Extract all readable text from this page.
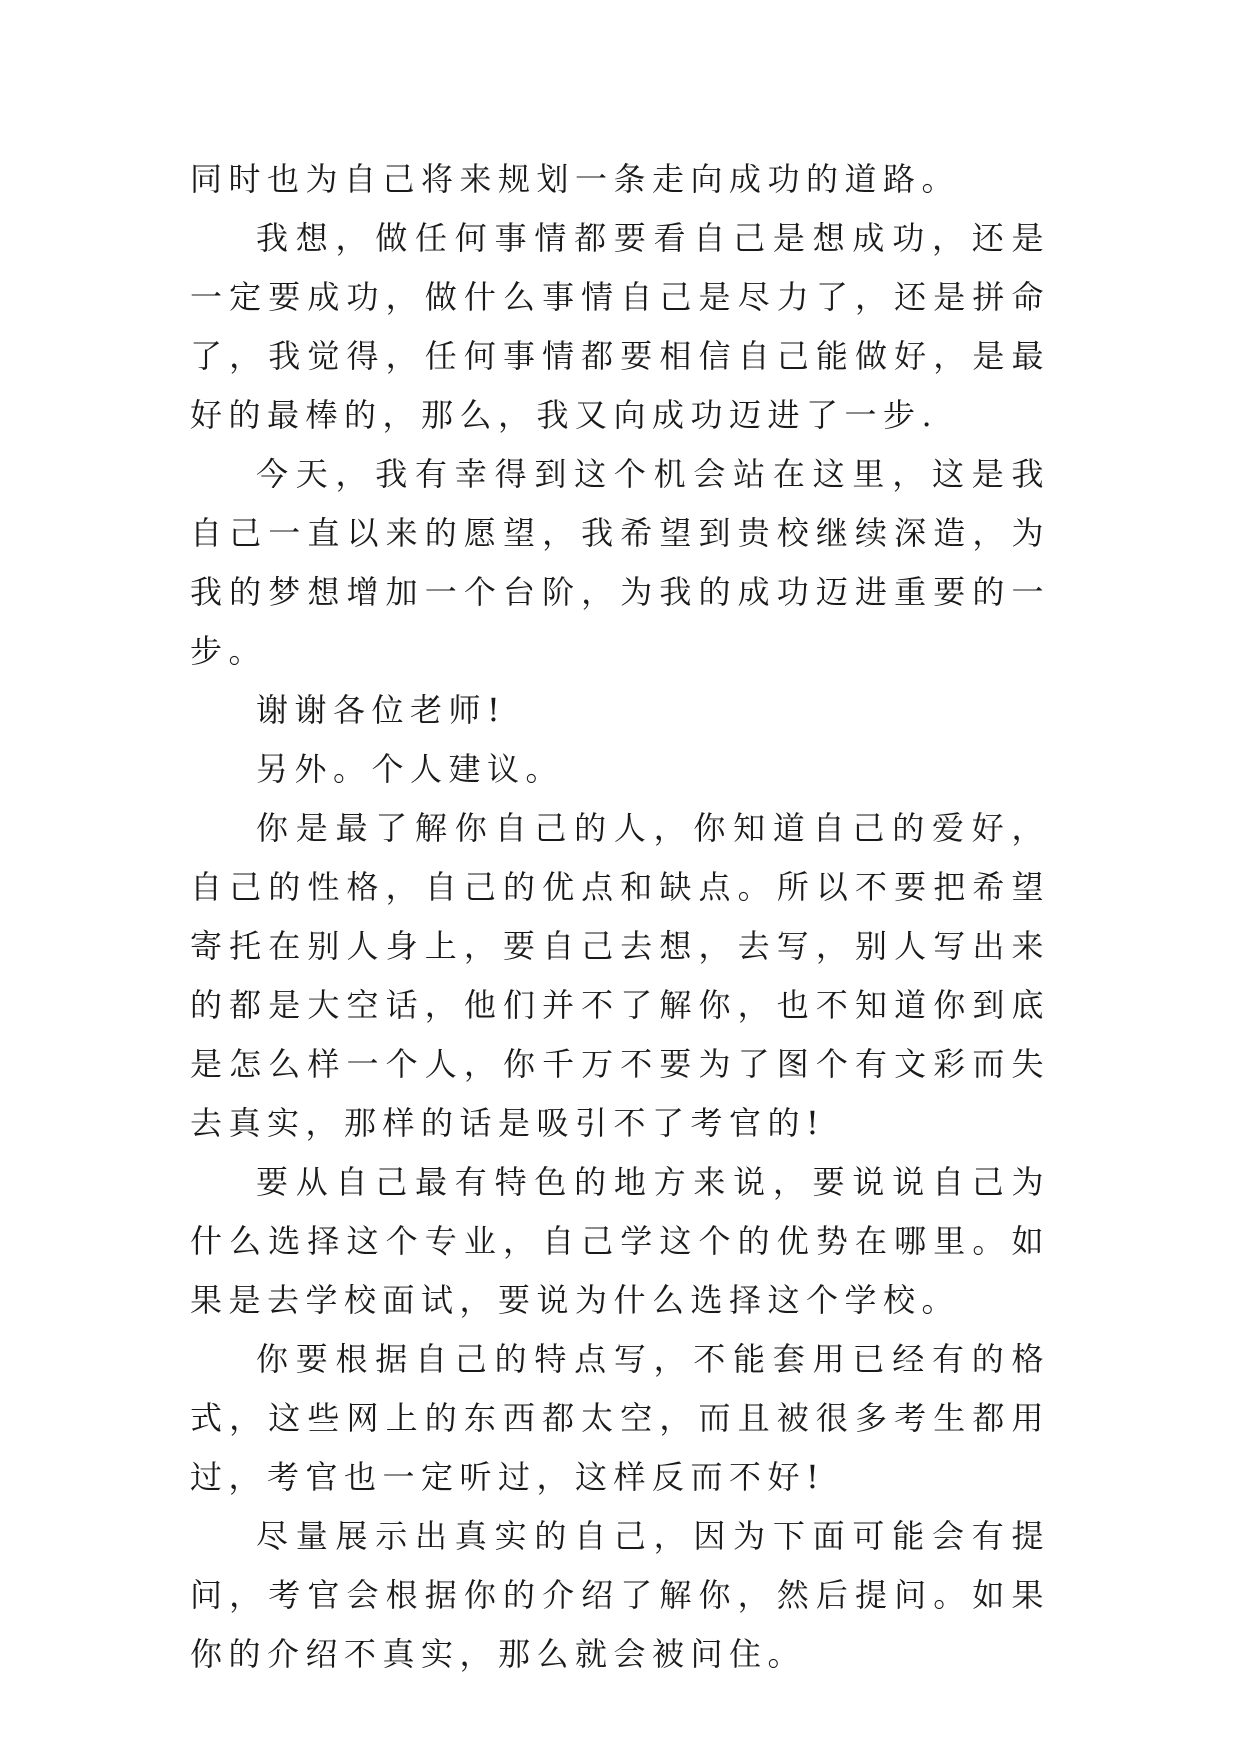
同时也为自己将来规划一条走向成功的道路。

我想，做任何事情都要看自己是想成功，还是一定要成功，做什么事情自己是尽力了，还是拼命了，我觉得，任何事情都要相信自己能做好，是最好的最棒的，那么，我又向成功迈进了一步.

今天，我有幸得到这个机会站在这里，这是我自己一直以来的愿望，我希望到贵校继续深造，为我的梦想增加一个台阶，为我的成功迈进重要的一步。

谢谢各位老师!

另外。个人建议。

你是最了解你自己的人，你知道自己的爱好，自己的性格，自己的优点和缺点。所以不要把希望寄托在别人身上，要自己去想，去写，别人写出来的都是大空话，他们并不了解你，也不知道你到底是怎么样一个人，你千万不要为了图个有文彩而失去真实，那样的话是吸引不了考官的!

要从自己最有特色的地方来说，要说说自己为什么选择这个专业，自己学这个的优势在哪里。如果是去学校面试，要说为什么选择这个学校。

你要根据自己的特点写，不能套用已经有的格式，这些网上的东西都太空，而且被很多考生都用过，考官也一定听过，这样反而不好!

尽量展示出真实的自己，因为下面可能会有提问，考官会根据你的介绍了解你，然后提问。如果你的介绍不真实，那么就会被问住。
